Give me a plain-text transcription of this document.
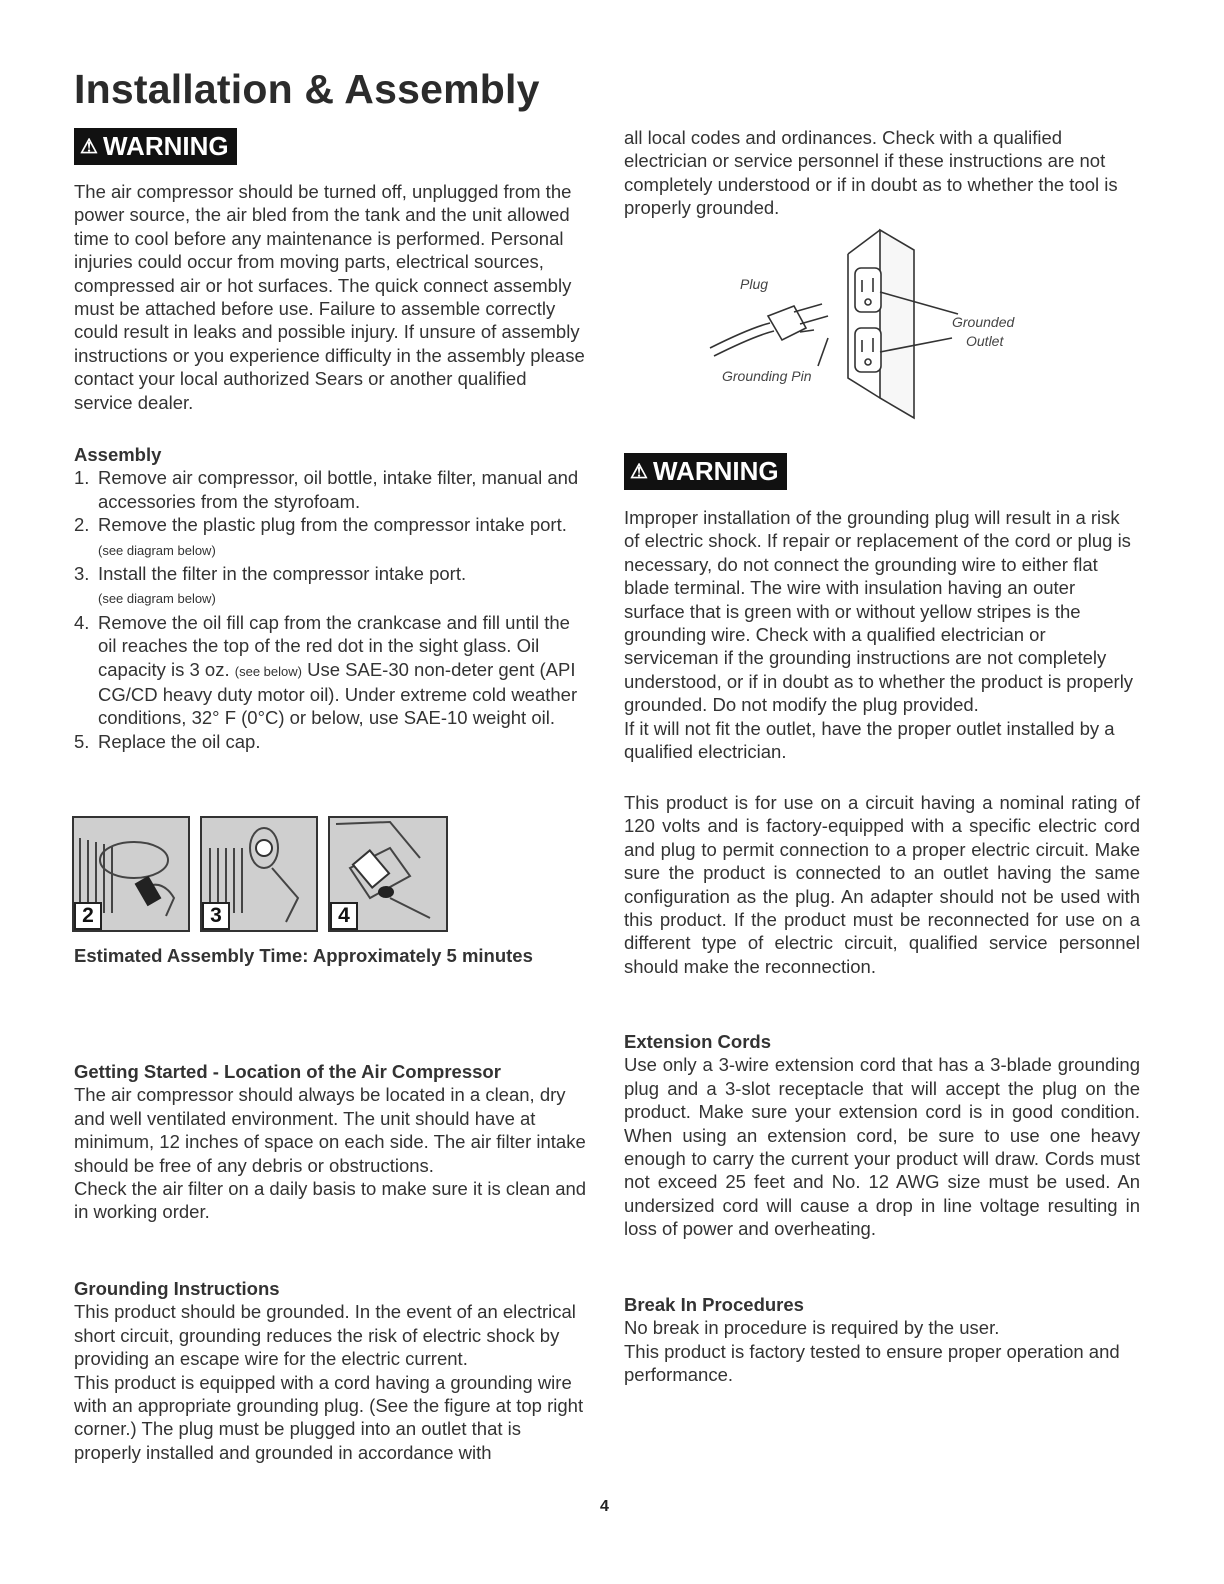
Installation & Assembly
⚠ WARNING

The air compressor should be turned off, unplugged from the power source, the air bled from the tank and the unit allowed time to cool before any maintenance is performed. Personal injuries could occur from moving parts, electrical sources, compressed air or hot surfaces. The quick connect assembly must be attached before use. Failure to assemble correctly could result in leaks and possible injury. If unsure of assembly instructions or you experience difficulty in the assembly please contact your local authorized Sears or another qualified service dealer.

Assembly

1. Remove air compressor, oil bottle, intake filter, manual and accessories from the styrofoam.
2. Remove the plastic plug from the compressor intake port. (see diagram below)
3. Install the filter in the compressor intake port.
(see diagram below)
4. Remove the oil fill cap from the crankcase and fill until the oil reaches the top of the red dot in the sight glass. Oil capacity is 3 oz. (see below) Use SAE-30 non-deter gent (API CG/CD heavy duty motor oil). Under extreme cold weather conditions, 32° F (0°C) or below, use SAE-10 weight oil.
5. Replace the oil cap.
2	3	4
Estimated Assembly Time: Approximately 5 minutes

Getting Started - Location of the Air Compressor

The air compressor should always be located in a clean, dry and well ventilated environment. The unit should have at minimum, 12 inches of space on each side. The air filter intake should be free of any debris or obstructions.

Check the air filter on a daily basis to make sure it is clean and in working order.

Grounding Instructions

This product should be grounded. In the event of an electrical short circuit, grounding reduces the risk of electric shock by providing an escape wire for the electric current.

This product is equipped with a cord having a grounding wire with an appropriate grounding plug. (See the figure at top right corner.) The plug must be plugged into an outlet that is properly installed and grounded in accordance with

all local codes and ordinances. Check with a qualified electrician or service personnel if these instructions are not completely understood or if in doubt as to whether the tool is properly grounded.

Plug
Grounded
Outlet
Grounding Pin
⚠ WARNING

Improper installation of the grounding plug will result in a risk of electric shock. If repair or replacement of the cord or plug is necessary, do not connect the grounding wire to either flat blade terminal. The wire with insulation having an outer surface that is green with or without yellow stripes is the grounding wire. Check with a qualified electrician or serviceman if the grounding instructions are not completely understood, or if in doubt as to whether the product is properly grounded. Do not modify the plug provided.

If it will not fit the outlet, have the proper outlet installed by a qualified electrician.

This product is for use on a circuit having a nominal rating of 120 volts and is factory-equipped with a specific electric cord and plug to permit connection to a proper electric circuit. Make sure the product is connected to an outlet having the same configuration as the plug. An adapter should not be used with this product. If the product must be reconnected for use on a different type of electric circuit, qualified service personnel should make the reconnection.

Extension Cords

Use only a 3-wire extension cord that has a 3-blade grounding plug and a 3-slot receptacle that will accept the plug on the product. Make sure your extension cord is in good condition. When using an extension cord, be sure to use one heavy enough to carry the current your product will draw. Cords must not exceed 25 feet and No. 12 AWG size must be used. An undersized cord will cause a drop in line voltage resulting in loss of power and overheating.

Break In Procedures

No break in procedure is required by the user.

This product is factory tested to ensure proper operation and performance.

4
